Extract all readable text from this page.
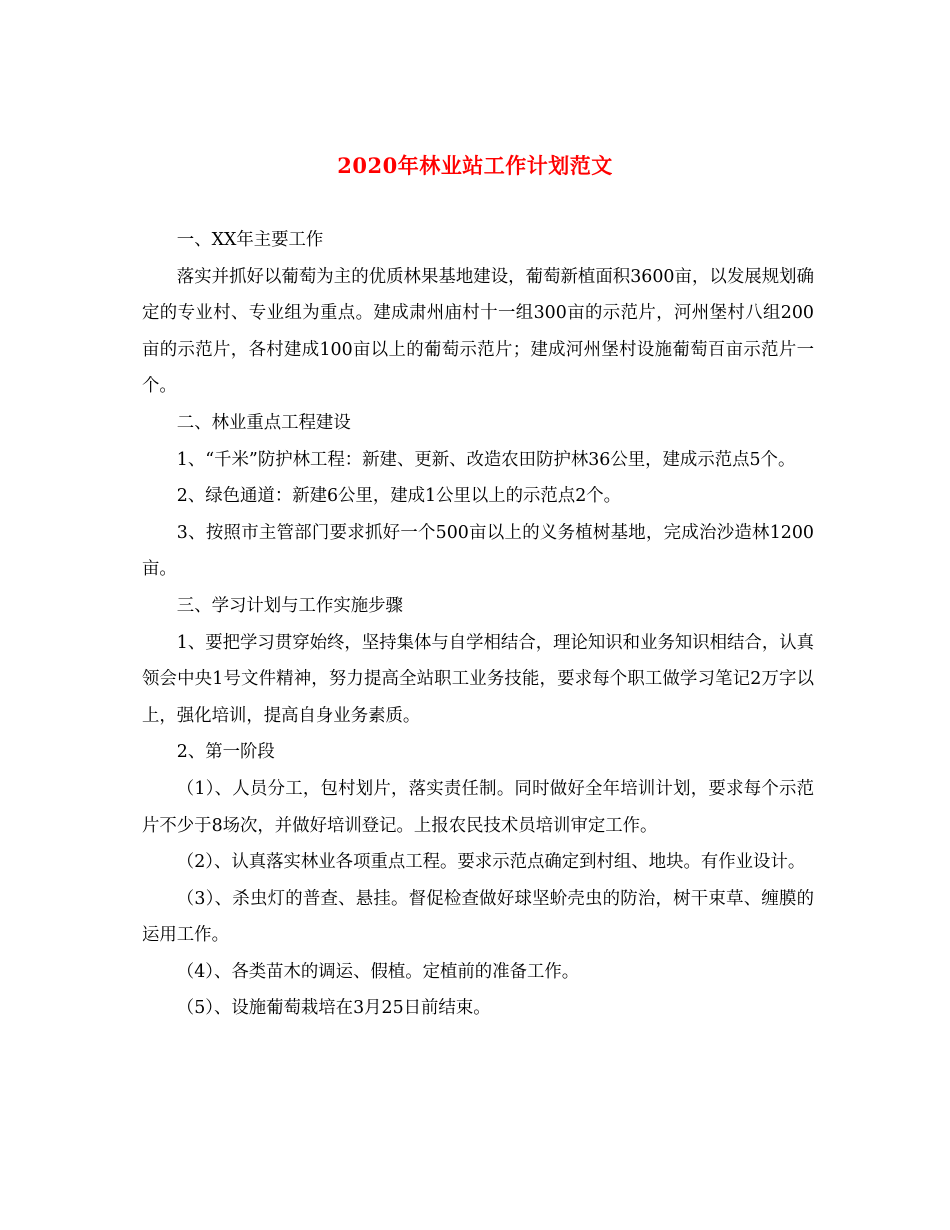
2020年林业站工作计划范文

一、XX年主要工作

落实并抓好以葡萄为主的优质林果基地建设，葡萄新植面积3600亩，以发展规划确定的专业村、专业组为重点。建成肃州庙村十一组300亩的示范片，河州堡村八组200亩的示范片，各村建成100亩以上的葡萄示范片；建成河州堡村设施葡萄百亩示范片一个。

二、林业重点工程建设

1、“千米”防护林工程：新建、更新、改造农田防护林36公里，建成示范点5个。

2、绿色通道：新建6公里，建成1公里以上的示范点2个。

3、按照市主管部门要求抓好一个500亩以上的义务植树基地，完成治沙造林1200亩。

三、学习计划与工作实施步骤

1、要把学习贯穿始终，坚持集体与自学相结合，理论知识和业务知识相结合，认真领会中央1号文件精神，努力提高全站职工业务技能，要求每个职工做学习笔记2万字以上，强化培训，提高自身业务素质。

2、第一阶段

（1）、人员分工，包村划片，落实责任制。同时做好全年培训计划，要求每个示范片不少于8场次，并做好培训登记。上报农民技术员培训审定工作。

（2）、认真落实林业各项重点工程。要求示范点确定到村组、地块。有作业设计。

（3）、杀虫灯的普查、悬挂。督促检查做好球坚蚧壳虫的防治，树干束草、缠膜的运用工作。

（4）、各类苗木的调运、假植。定植前的准备工作。

（5）、设施葡萄栽培在3月25日前结束。
